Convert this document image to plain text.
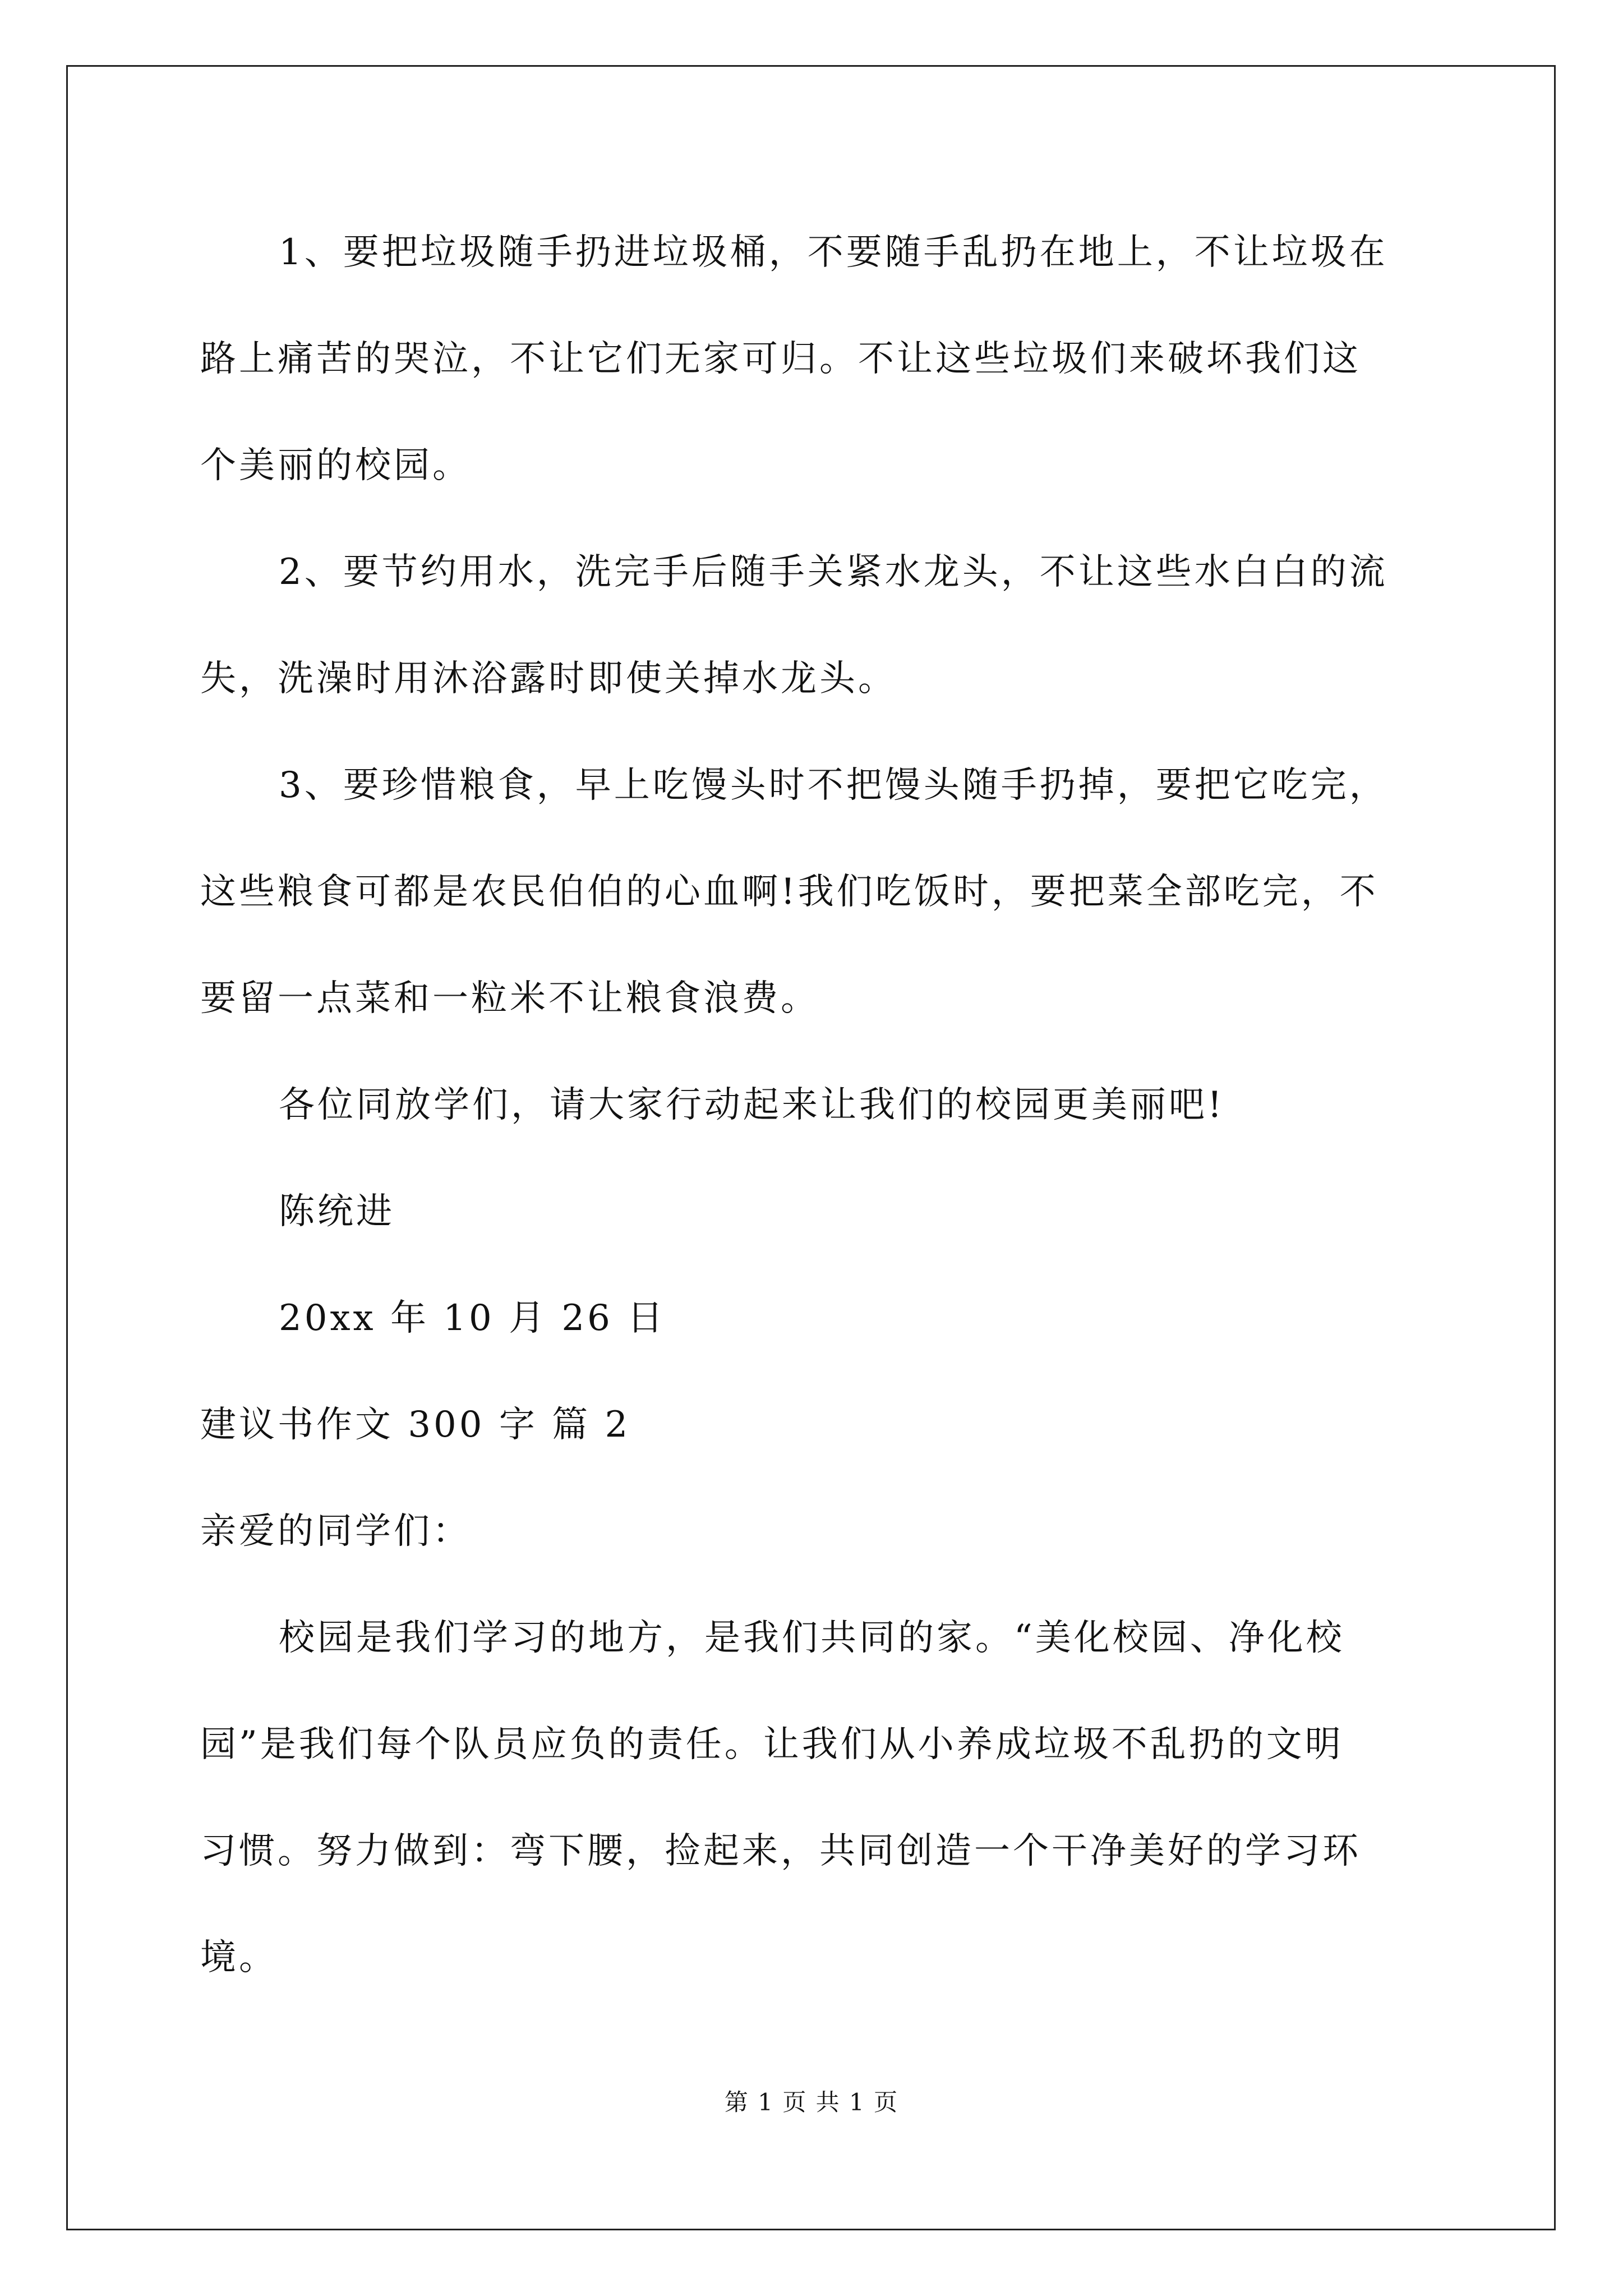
1、要把垃圾随手扔进垃圾桶，不要随手乱扔在地上，不让垃圾在
路上痛苦的哭泣，不让它们无家可归。不让这些垃圾们来破坏我们这
个美丽的校园。
2、要节约用水，洗完手后随手关紧水龙头，不让这些水白白的流
失，洗澡时用沐浴露时即使关掉水龙头。
3、要珍惜粮食，早上吃馒头时不把馒头随手扔掉，要把它吃完，
这些粮食可都是农民伯伯的心血啊!我们吃饭时，要把菜全部吃完，不
要留一点菜和一粒米不让粮食浪费。
各位同放学们，请大家行动起来让我们的校园更美丽吧!
陈统进
20xx 年 10 月 26 日
建议书作文 300 字 篇 2
亲爱的同学们：
校园是我们学习的地方，是我们共同的家。“美化校园、净化校
园”是我们每个队员应负的责任。让我们从小养成垃圾不乱扔的文明
习惯。努力做到：弯下腰，捡起来，共同创造一个干净美好的学习环
境。
第 1 页 共 1 页
